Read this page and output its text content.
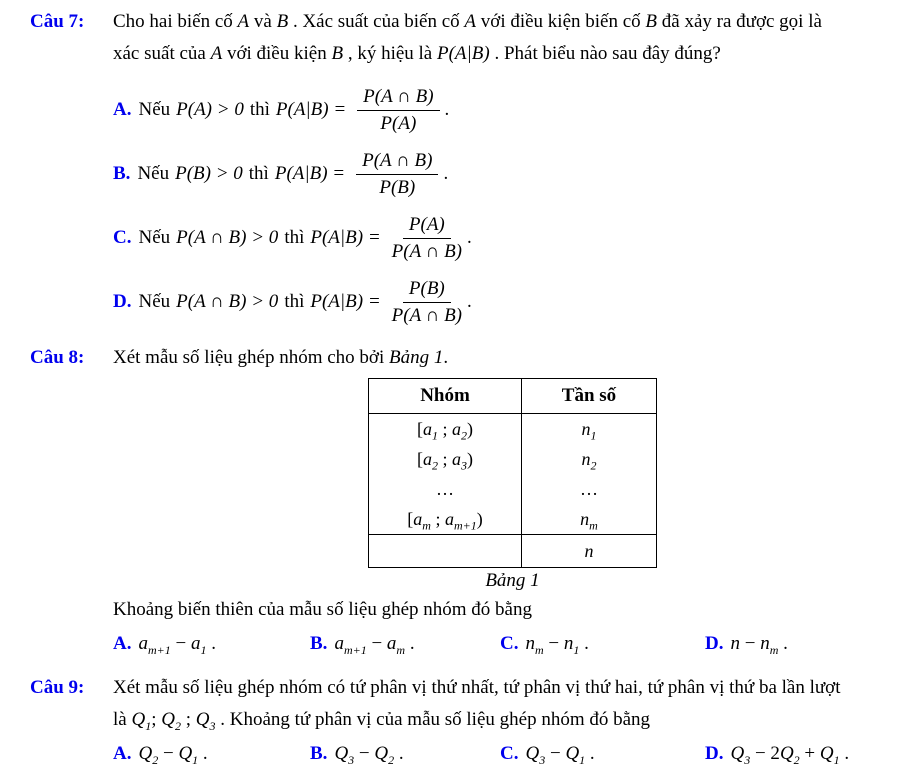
Câu 7:	Cho hai biến cố A và B . Xác suất của biến cố A với điều kiện biến cố B đã xảy ra được gọi là
xác suất của A với điều kiện B , ký hiệu là P(A|B) . Phát biểu nào sau đây đúng?
A. Nếu P(A) > 0 thì $P(A|B) = \frac{P(A \cap B)}{P(A)}$ .
B. Nếu P(B) > 0 thì $P(A|B) = \frac{P(A \cap B)}{P(B)}$ .
C. Nếu P(A ∩ B) > 0 thì $P(A|B) = \frac{P(A)}{P(A \cap B)}$ .
D. Nếu P(A ∩ B) > 0 thì $P(A|B) = \frac{P(B)}{P(A \cap B)}$ .
Câu 8:	Xét mẫu số liệu ghép nhóm cho bởi Bảng 1.
Nhóm	Tần số
[$a_1$ ; $a_2$)	$n_1$
[$a_2$ ; $a_3$)	$n_2$
…	…
[$a_m$ ; $a_{m+1}$)	$n_m$
	n
Bảng 1
Khoảng biến thiên của mẫu số liệu ghép nhóm đó bằng
A. $a_{m+1} - a_1$ .	B. $a_{m+1} - a_m$ .	C. $n_m - n_1$ .	D. $n - n_m$ .
Câu 9:	Xét mẫu số liệu ghép nhóm có tứ phân vị thứ nhất, tứ phân vị thứ hai, tứ phân vị thứ ba lần lượt
là $Q_1$; $Q_2$ ; $Q_3$ . Khoảng tứ phân vị của mẫu số liệu ghép nhóm đó bằng
A. $Q_2 - Q_1$ .	B. $Q_3 - Q_2$ .	C. $Q_3 - Q_1$ .	D. $Q_3 - 2Q_2 + Q_1$ .
